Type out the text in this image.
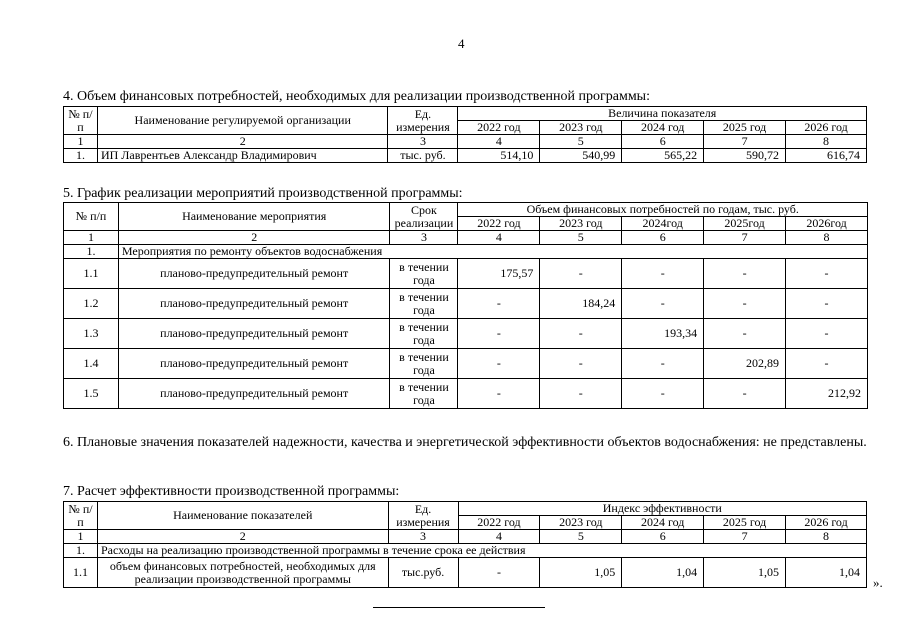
4
4. Объем финансовых потребностей, необходимых для реализации производственной программы:
№ п/п	Наименование регулируемой организации	Ед. измерения	Величина показателя				
			2022 год	2023 год	2024 год	2025 год	2026 год
1	2	3	4	5	6	7	8
1.	ИП Лаврентьев Александр Владимирович	тыс. руб.	514,10	540,99	565,22	590,72	616,74
5. График реализации мероприятий производственной программы:
№ п/п	Наименование мероприятия	Срок реализации	Объем финансовых потребностей по годам, тыс. руб.				
			2022 год	2023 год	2024год	2025год	2026год
1	2	3	4	5	6	7	8
1.	Мероприятия по ремонту объектов водоснабжения						
1.1	планово-предупредительный ремонт	в течении года	175,57	-	-	-	-
1.2	планово-предупредительный ремонт	в течении года	-	184,24	-	-	-
1.3	планово-предупредительный ремонт	в течении года	-	-	193,34	-	-
1.4	планово-предупредительный ремонт	в течении года	-	-	-	202,89	-
1.5	планово-предупредительный ремонт	в течении года	-	-	-	-	212,92
6. Плановые значения показателей надежности, качества и энергетической эффективности объектов водоснабжения: не представлены.
7. Расчет эффективности производственной программы:
№ п/п	Наименование показателей	Ед. измерения	Индекс эффективности				
			2022 год	2023 год	2024 год	2025 год	2026 год
1	2	3	4	5	6	7	8
1.	Расходы на реализацию производственной программы в течение срока ее действия						
1.1	объем финансовых потребностей, необходимых для реализации производственной программы	тыс.руб.	-	1,05	1,04	1,05	1,04
».
